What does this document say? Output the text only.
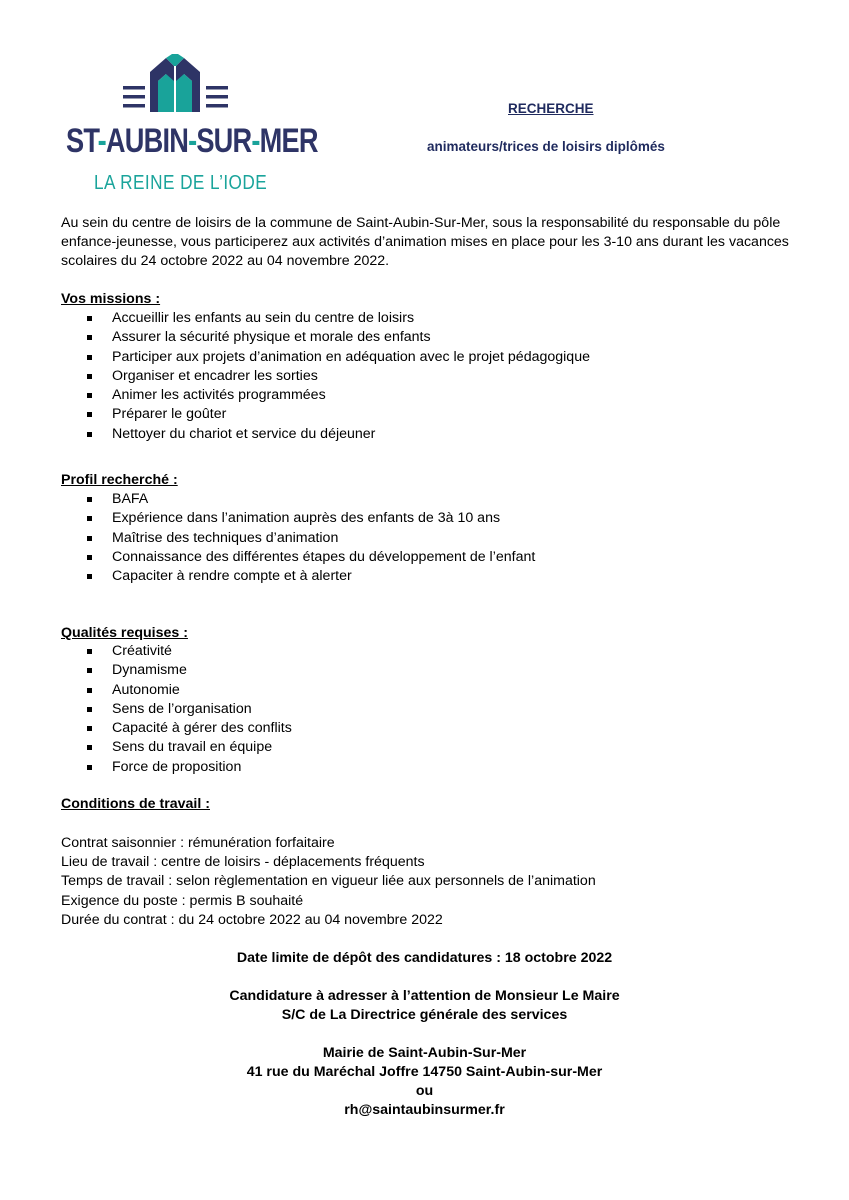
ST-AUBIN-SUR-MER
LA REINE DE L’IODE
RECHERCHE
animateurs/trices de loisirs diplômés
Au sein du centre de loisirs de la commune de Saint-Aubin-Sur-Mer, sous la responsabilité du responsable du pôle
enfance-jeunesse, vous participerez aux activités d’animation mises en place pour les 3-10 ans durant les vacances
scolaires du 24 octobre 2022 au 04 novembre 2022.
Vos missions :
Accueillir les enfants au sein du centre de loisirs
Assurer la sécurité physique et morale des enfants
Participer aux projets d’animation en adéquation avec le projet pédagogique
Organiser et encadrer les sorties
Animer les activités programmées
Préparer le goûter
Nettoyer du chariot et service du déjeuner
Profil recherché :
BAFA
Expérience dans l’animation auprès des enfants de 3à 10 ans
Maîtrise des techniques d’animation
Connaissance des différentes étapes du développement de l’enfant
Capaciter à rendre compte et à alerter
Qualités requises :
Créativité
Dynamisme
Autonomie
Sens de l’organisation
Capacité à gérer des conflits
Sens du travail en équipe
Force de proposition
Conditions de travail :
Contrat saisonnier : rémunération forfaitaire
Lieu de travail : centre de loisirs - déplacements fréquents
Temps de travail : selon règlementation en vigueur liée aux personnels de l’animation
Exigence du poste : permis B souhaité
Durée du contrat : du 24 octobre 2022 au 04 novembre 2022
Date limite de dépôt des candidatures : 18 octobre 2022
Candidature à adresser à l’attention de Monsieur Le Maire
S/C de La Directrice générale des services
Mairie de Saint-Aubin-Sur-Mer
41 rue du Maréchal Joffre 14750 Saint-Aubin-sur-Mer
ou
rh@saintaubinsurmer.fr
